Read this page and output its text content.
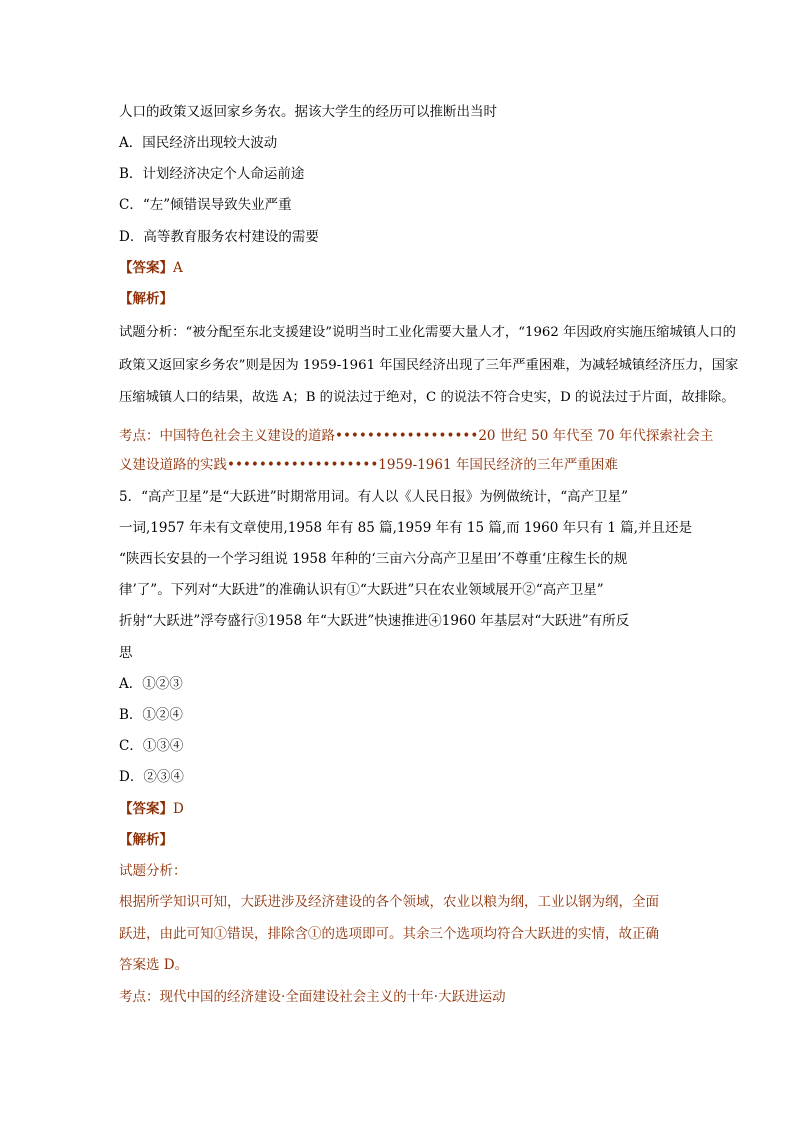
人口的政策又返回家乡务农。据该大学生的经历可以推断出当时
A．国民经济出现较大波动
B．计划经济决定个人命运前途
C．“左”倾错误导致失业严重
D．高等教育服务农村建设的需要
【答案】A
【解析】
试题分析：“被分配至东北支援建设”说明当时工业化需要大量人才，“1962 年因政府实施压缩城镇人口的
政策又返回家乡务农”则是因为 1959-1961 年国民经济出现了三年严重困难，为减轻城镇经济压力，国家
压缩城镇人口的结果，故选 A；B 的说法过于绝对，C 的说法不符合史实，D 的说法过于片面，故排除。
考点：中国特色社会主义建设的道路••••••••••••••••••20 世纪 50 年代至 70 年代探索社会主
义建设道路的实践•••••••••••••••••••1959-1961 年国民经济的三年严重困难
5．“高产卫星”是“大跃进”时期常用词。有人以《人民日报》为例做统计，“高产卫星”
一词,1957 年未有文章使用,1958 年有 85 篇,1959 年有 15 篇,而 1960 年只有 1 篇,并且还是
“陕西长安县的一个学习组说 1958 年种的‘三亩六分高产卫星田’不尊重‘庄稼生长的规
律’了”。下列对“大跃进”的准确认识有①“大跃进”只在农业领域展开②“高产卫星”
折射“大跃进”浮夸盛行③1958 年“大跃进”快速推进④1960 年基层对“大跃进”有所反
思
A．①②③
B．①②④
C．①③④
D．②③④
【答案】D
【解析】
试题分析：
根据所学知识可知，大跃进涉及经济建设的各个领域，农业以粮为纲，工业以钢为纲，全面
跃进，由此可知①错误，排除含①的选项即可。其余三个选项均符合大跃进的实情，故正确
答案选 D。
考点：现代中国的经济建设·全面建设社会主义的十年·大跃进运动
